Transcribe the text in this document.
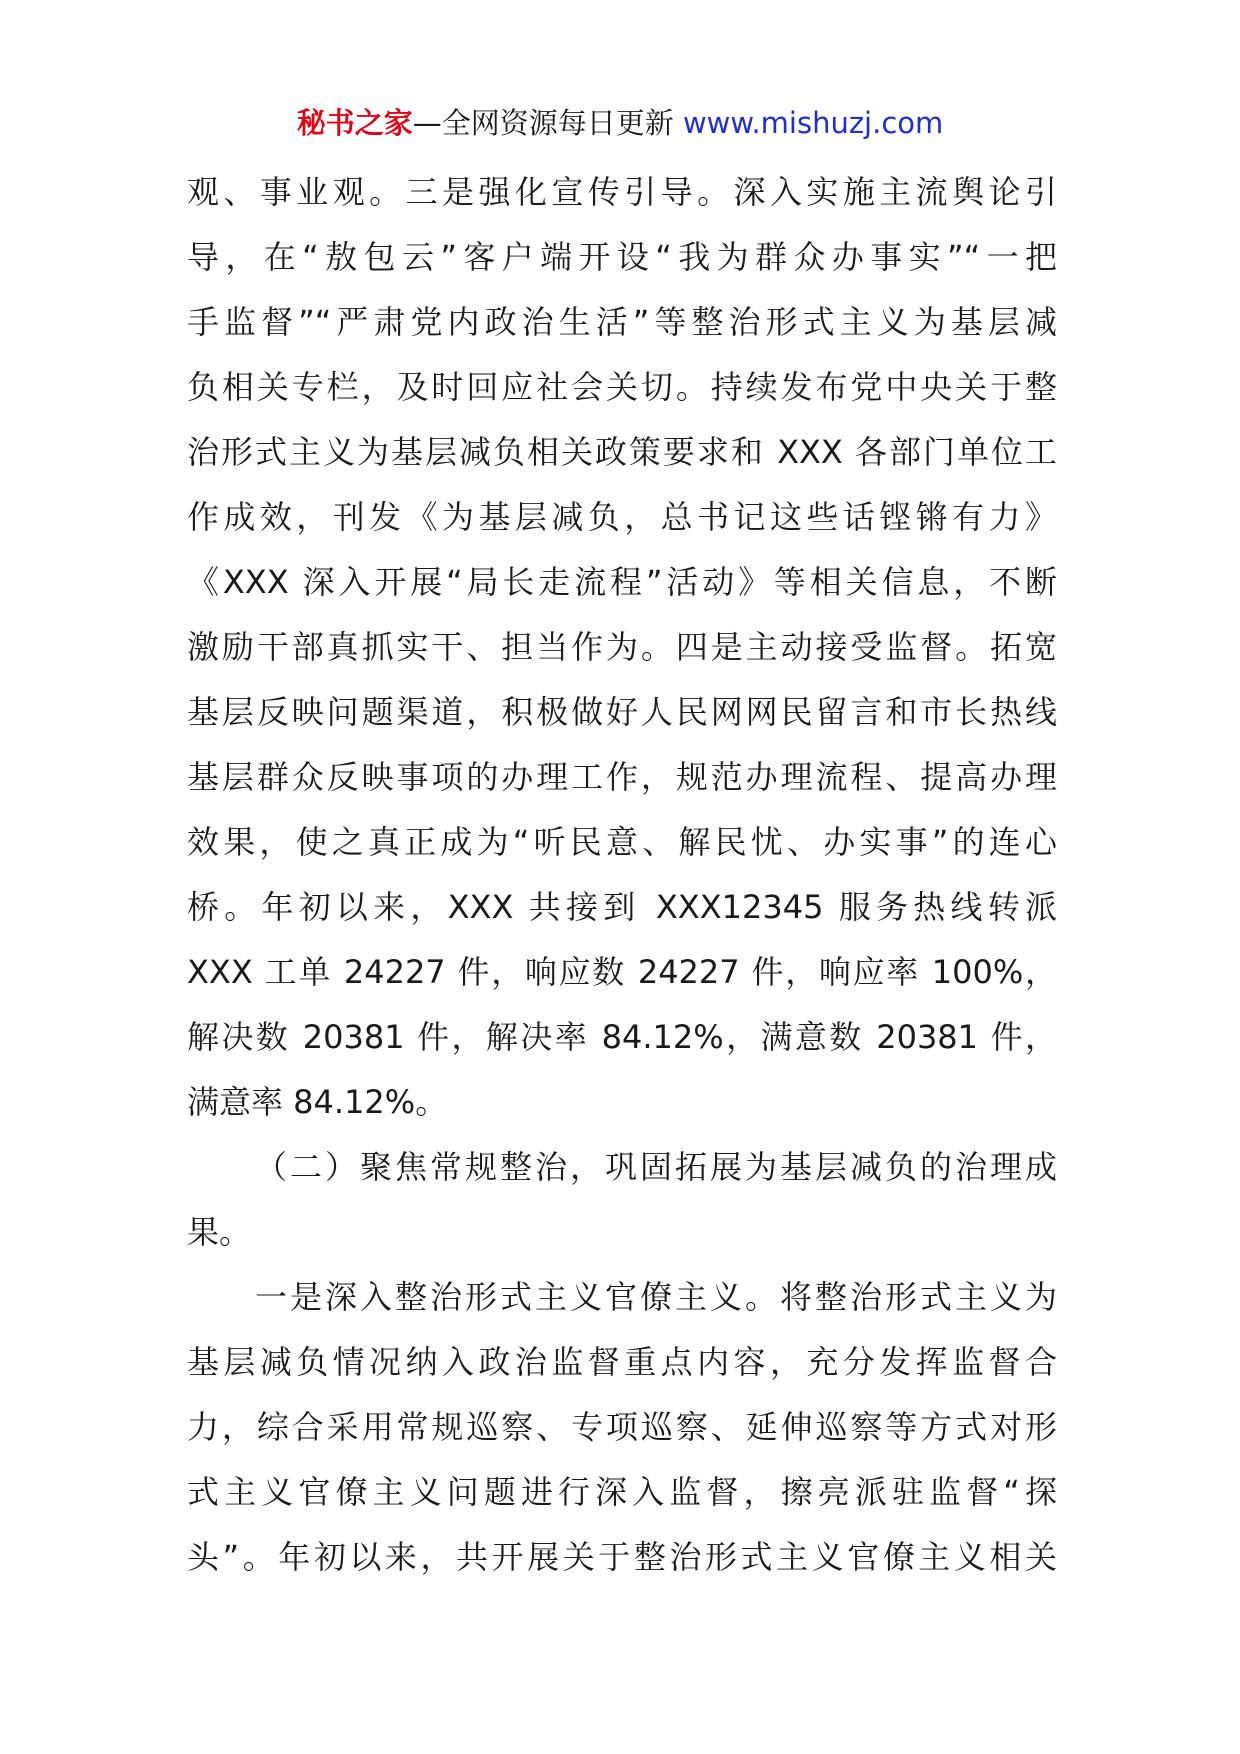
秘书之家—全网资源每日更新 www.mishuzj.com
观、事业观。三是强化宣传引导。深入实施主流舆论引
导，在“敖包云”客户端开设“我为群众办事实”“一把
手监督”“严肃党内政治生活”等整治形式主义为基层减
负相关专栏，及时回应社会关切。持续发布党中央关于整
治形式主义为基层减负相关政策要求和 XXX 各部门单位工
作成效，刊发《为基层减负，总书记这些话铿锵有力》
《XXX 深入开展“局长走流程”活动》等相关信息，不断
激励干部真抓实干、担当作为。四是主动接受监督。拓宽
基层反映问题渠道，积极做好人民网网民留言和市长热线
基层群众反映事项的办理工作，规范办理流程、提高办理
效果，使之真正成为“听民意、解民忧、办实事”的连心
桥。年初以来，XXX 共接到 XXX12345 服务热线转派
XXX 工单 24227 件，响应数 24227 件，响应率 100%，
解决数 20381 件，解决率 84.12%，满意数 20381 件，
满意率 84.12%。
（二）聚焦常规整治，巩固拓展为基层减负的治理成
果。
一是深入整治形式主义官僚主义。将整治形式主义为
基层减负情况纳入政治监督重点内容，充分发挥监督合
力，综合采用常规巡察、专项巡察、延伸巡察等方式对形
式主义官僚主义问题进行深入监督，擦亮派驻监督“探
头”。年初以来，共开展关于整治形式主义官僚主义相关
